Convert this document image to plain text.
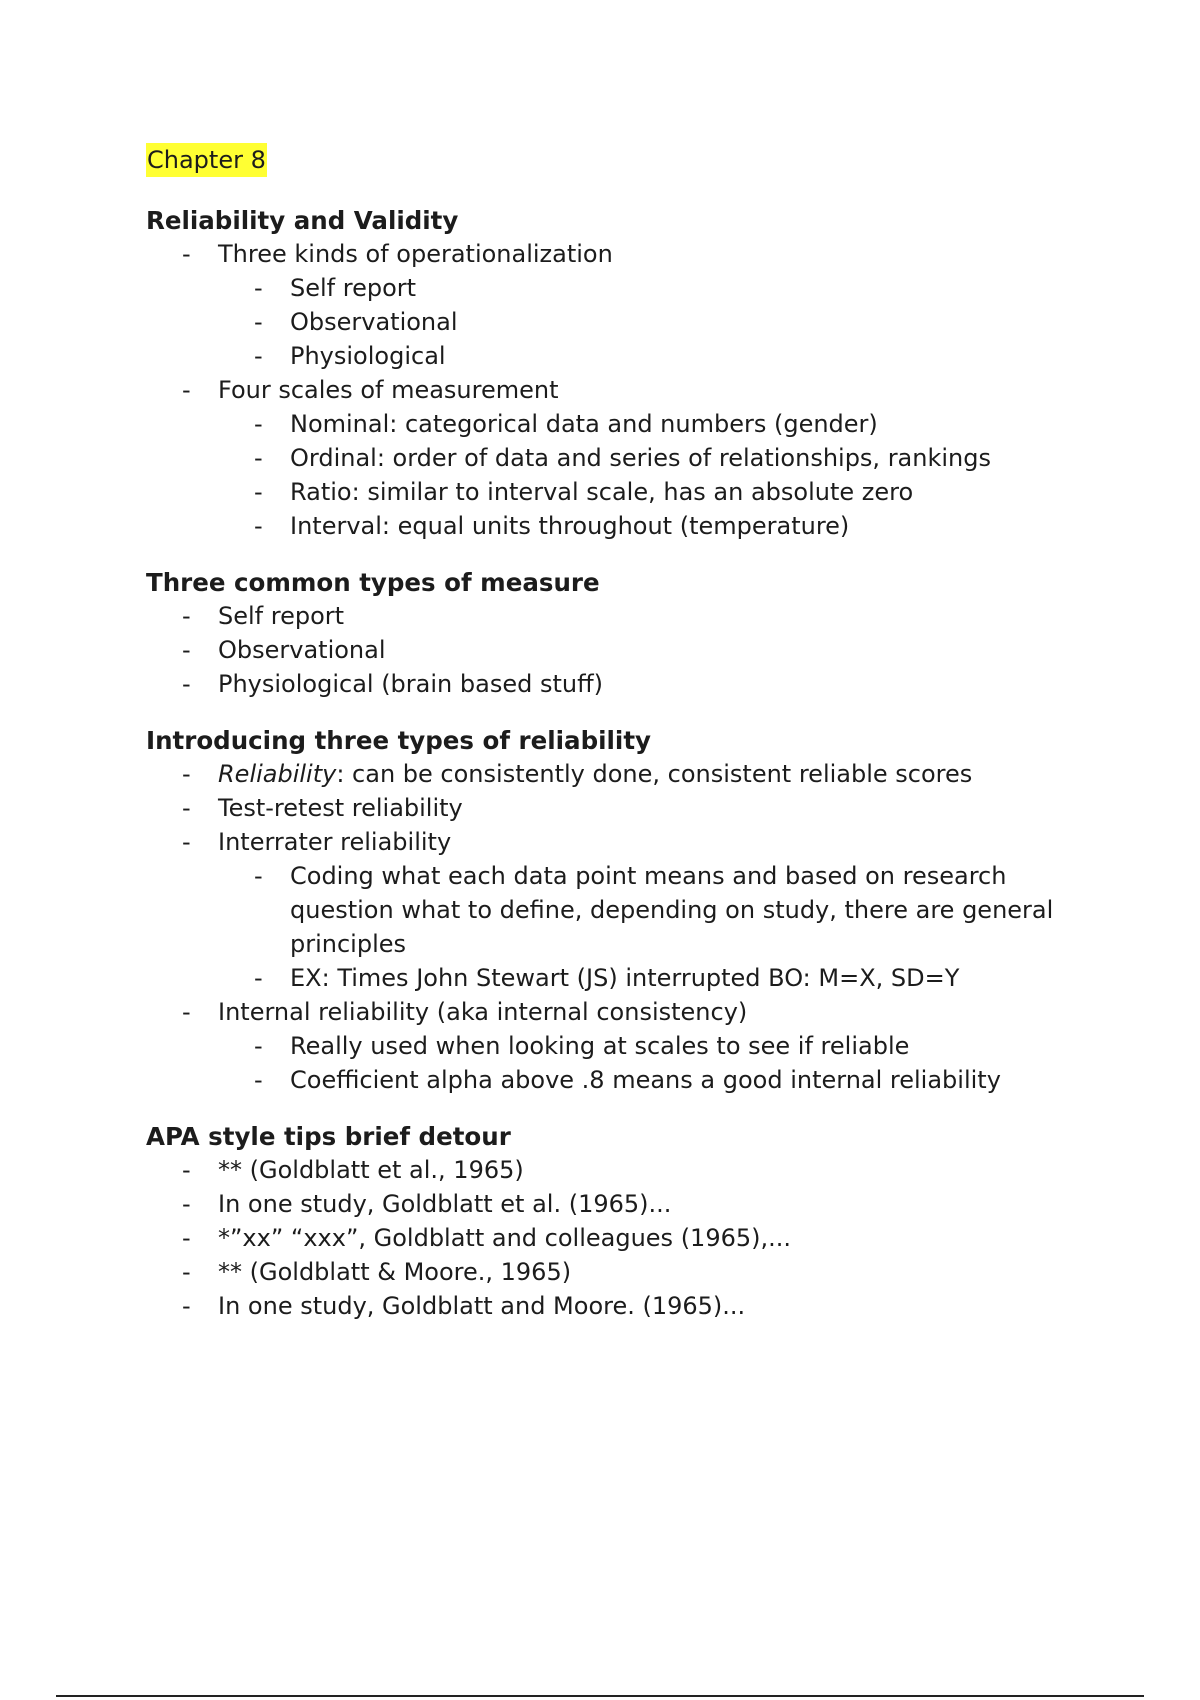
Chapter 8
Reliability and Validity
- Three kinds of operationalization
- Self report
- Observational
- Physiological
- Four scales of measurement
- Nominal: categorical data and numbers (gender)
- Ordinal: order of data and series of relationships, rankings
- Ratio: similar to interval scale, has an absolute zero
- Interval: equal units throughout (temperature)
Three common types of measure
- Self report
- Observational
- Physiological (brain based stuff)
Introducing three types of reliability
- Reliability: can be consistently done, consistent reliable scores
- Test-retest reliability
- Interrater reliability
- Coding what each data point means and based on research question what to define, depending on study, there are general principles
- EX: Times John Stewart (JS) interrupted BO: M=X, SD=Y
- Internal reliability (aka internal consistency)
- Really used when looking at scales to see if reliable
- Coefficient alpha above .8 means a good internal reliability
APA style tips brief detour
- ** (Goldblatt et al., 1965)
- In one study, Goldblatt et al. (1965)...
- *”xx” “xxx”, Goldblatt and colleagues (1965),...
- ** (Goldblatt & Moore., 1965)
- In one study, Goldblatt and Moore. (1965)...
